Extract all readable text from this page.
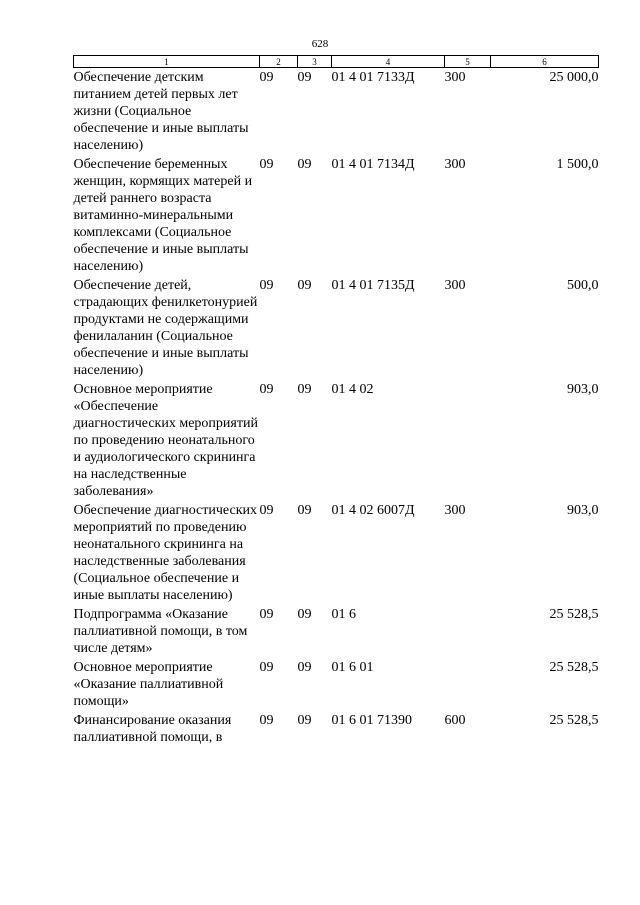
628
1	2	3	4	5	6
Обеспечение детским питанием детей первых лет жизни (Социальное обеспечение и иные выплаты населению)	09	09	01 4 01 7133Д	300	25 000,0
Обеспечение беременных женщин, кормящих матерей и детей раннего возраста витаминно-минеральными комплексами (Социальное обеспечение и иные выплаты населению)	09	09	01 4 01 7134Д	300	1 500,0
Обеспечение детей, страдающих фенилкетонурией продуктами не содержащими фенилаланин (Социальное обеспечение и иные выплаты населению)	09	09	01 4 01 7135Д	300	500,0
Основное мероприятие «Обеспечение диагностических мероприятий по проведению неонатального и аудиологического скрининга на наследственные заболевания»	09	09	01 4 02		903,0
Обеспечение диагностических мероприятий по проведению неонатального скрининга на наследственные заболевания (Социальное обеспечение и иные выплаты населению)	09	09	01 4 02 6007Д	300	903,0
Подпрограмма «Оказание паллиативной помощи, в том числе детям»	09	09	01 6		25 528,5
Основное мероприятие «Оказание паллиативной помощи»	09	09	01 6 01		25 528,5
Финансирование оказания паллиативной помощи, в	09	09	01 6 01 71390	600	25 528,5
